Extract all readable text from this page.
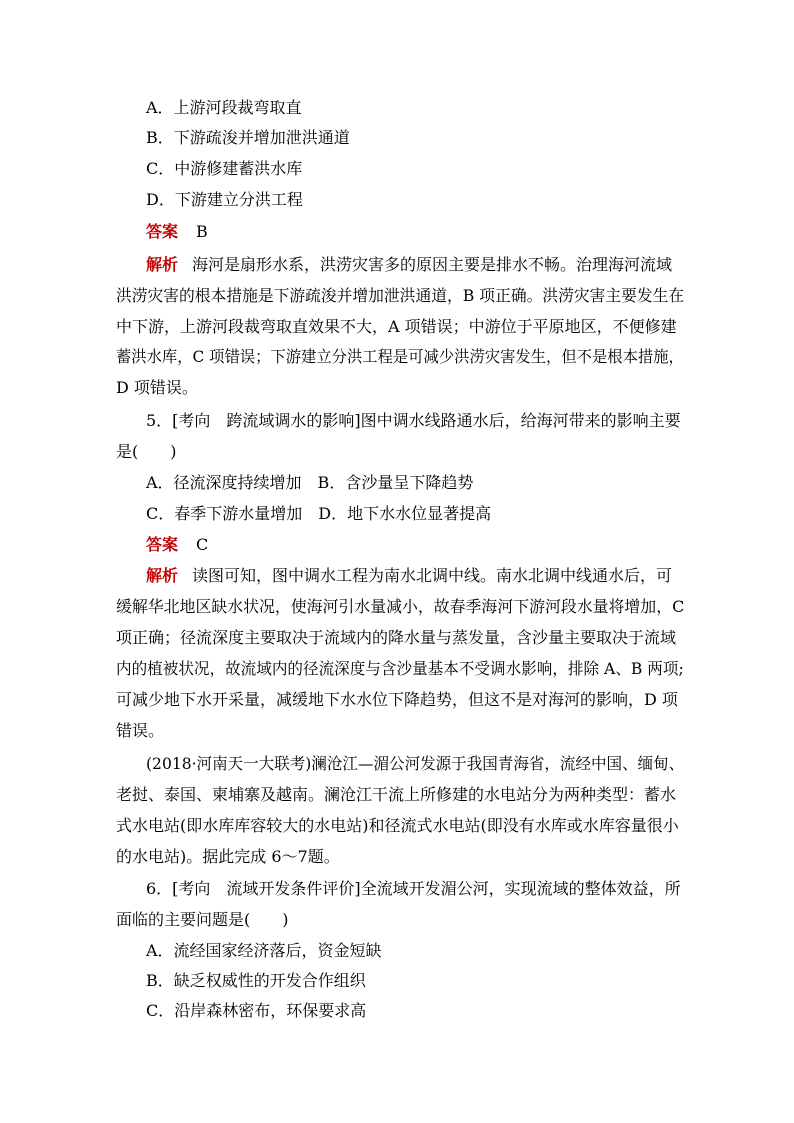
A．上游河段裁弯取直
B．下游疏浚并增加泄洪通道
C．中游修建蓄洪水库
D．下游建立分洪工程
答案 B
解析 海河是扇形水系，洪涝灾害多的原因主要是排水不畅。治理海河流域
洪涝灾害的根本措施是下游疏浚并增加泄洪通道，B 项正确。洪涝灾害主要发生在
中下游，上游河段裁弯取直效果不大，A 项错误；中游位于平原地区，不便修建
蓄洪水库，C 项错误；下游建立分洪工程是可减少洪涝灾害发生，但不是根本措施，
D 项错误。
5．[考向　跨流域调水的影响]图中调水线路通水后，给海河带来的影响主要
是(　　)
A．径流深度持续增加　B．含沙量呈下降趋势
C．春季下游水量增加　D．地下水水位显著提高
答案 C
解析 读图可知，图中调水工程为南水北调中线。南水北调中线通水后，可
缓解华北地区缺水状况，使海河引水量减小，故春季海河下游河段水量将增加，C
项正确；径流深度主要取决于流域内的降水量与蒸发量，含沙量主要取决于流域
内的植被状况，故流域内的径流深度与含沙量基本不受调水影响，排除 A、B 两项;
可减少地下水开采量，减缓地下水水位下降趋势，但这不是对海河的影响，D 项
错误。
(2018·河南天一大联考)澜沧江—湄公河发源于我国青海省，流经中国、缅甸、
老挝、泰国、柬埔寨及越南。澜沧江干流上所修建的水电站分为两种类型：蓄水
式水电站(即水库库容较大的水电站)和径流式水电站(即没有水库或水库容量很小
的水电站)。据此完成 6～7题。
6．[考向　流域开发条件评价]全流域开发湄公河，实现流域的整体效益，所
面临的主要问题是(　　)
A．流经国家经济落后，资金短缺
B．缺乏权威性的开发合作组织
C．沿岸森林密布，环保要求高
